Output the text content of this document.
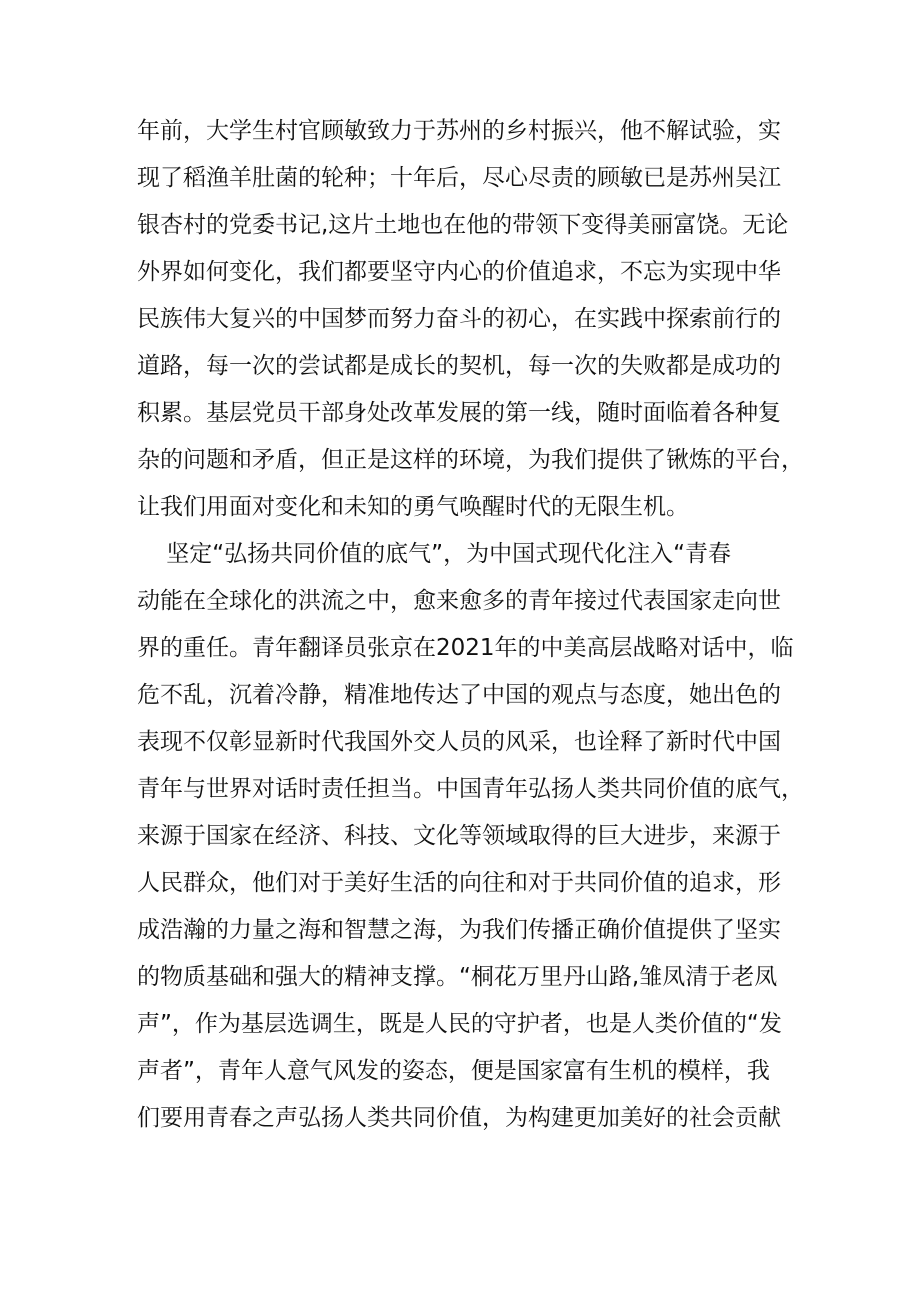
年前，大学生村官顾敏致力于苏州的乡村振兴，他不解试验，实
现了稻渔羊肚菌的轮种；十年后，尽心尽责的顾敏已是苏州吴江
银杏村的党委书记,这片土地也在他的带领下变得美丽富饶。无论
外界如何变化，我们都要坚守内心的价值追求，不忘为实现中华
民族伟大复兴的中国梦而努力奋斗的初心，在实践中探索前行的
道路，每一次的尝试都是成长的契机，每一次的失败都是成功的
积累。基层党员干部身处改革发展的第一线，随时面临着各种复
杂的问题和矛盾，但正是这样的环境，为我们提供了锹炼的平台，
让我们用面对变化和未知的勇气唤醒时代的无限生机。
坚定“弘扬共同价值的底气”，为中国式现代化注入“青春
动能在全球化的洪流之中，愈来愈多的青年接过代表国家走向世
界的重任。青年翻译员张京在2021年的中美高层战略对话中，临
危不乱，沉着冷静，精准地传达了中国的观点与态度，她出色的
表现不仅彰显新时代我国外交人员的风采，也诠释了新时代中国
青年与世界对话时责任担当。中国青年弘扬人类共同价值的底气，
来源于国家在经济、科技、文化等领域取得的巨大进步，来源于
人民群众，他们对于美好生活的向往和对于共同价值的追求，形
成浩瀚的力量之海和智慧之海，为我们传播正确价值提供了坚实
的物质基础和强大的精神支撑。“桐花万里丹山路,雏凤清于老凤
声”，作为基层选调生，既是人民的守护者，也是人类价值的“发
声者”，青年人意气风发的姿态，便是国家富有生机的模样，我
们要用青春之声弘扬人类共同价值，为构建更加美好的社会贡献
